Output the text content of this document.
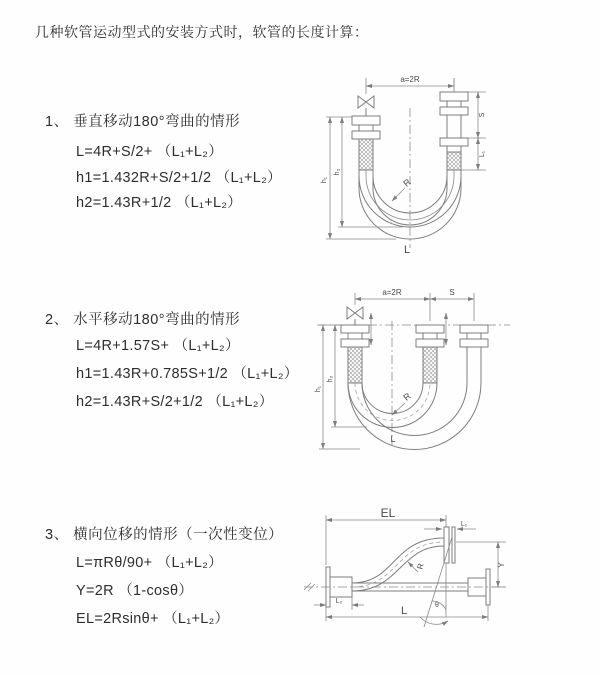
几种软管运动型式的安装方式时，软管的长度计算：

1、 垂直移动180°弯曲的情形

L=4R+S/2+ （L₁+L₂）

h1=1.432R+S/2+1/2 （L₁+L₂）

h2=1.43R+1/2 （L₁+L₂）

2、 水平移动180°弯曲的情形

L=4R+1.57S+ （L₁+L₂）

h1=1.43R+0.785S+1/2 （L₁+L₂）

h2=1.43R+S/2+1/2 （L₁+L₂）

3、 横向位移的情形（一次性变位）

L=πRθ/90+ （L₁+L₂）

Y=2R （1-cosθ）

EL=2Rsinθ+ （L₁+L₂）

a=2R
h₁
h₂
S
L₁
R
L
a=2R	S
h₁
h₂
R
L
EL
L₁
Y
θ
R
L₂
L
